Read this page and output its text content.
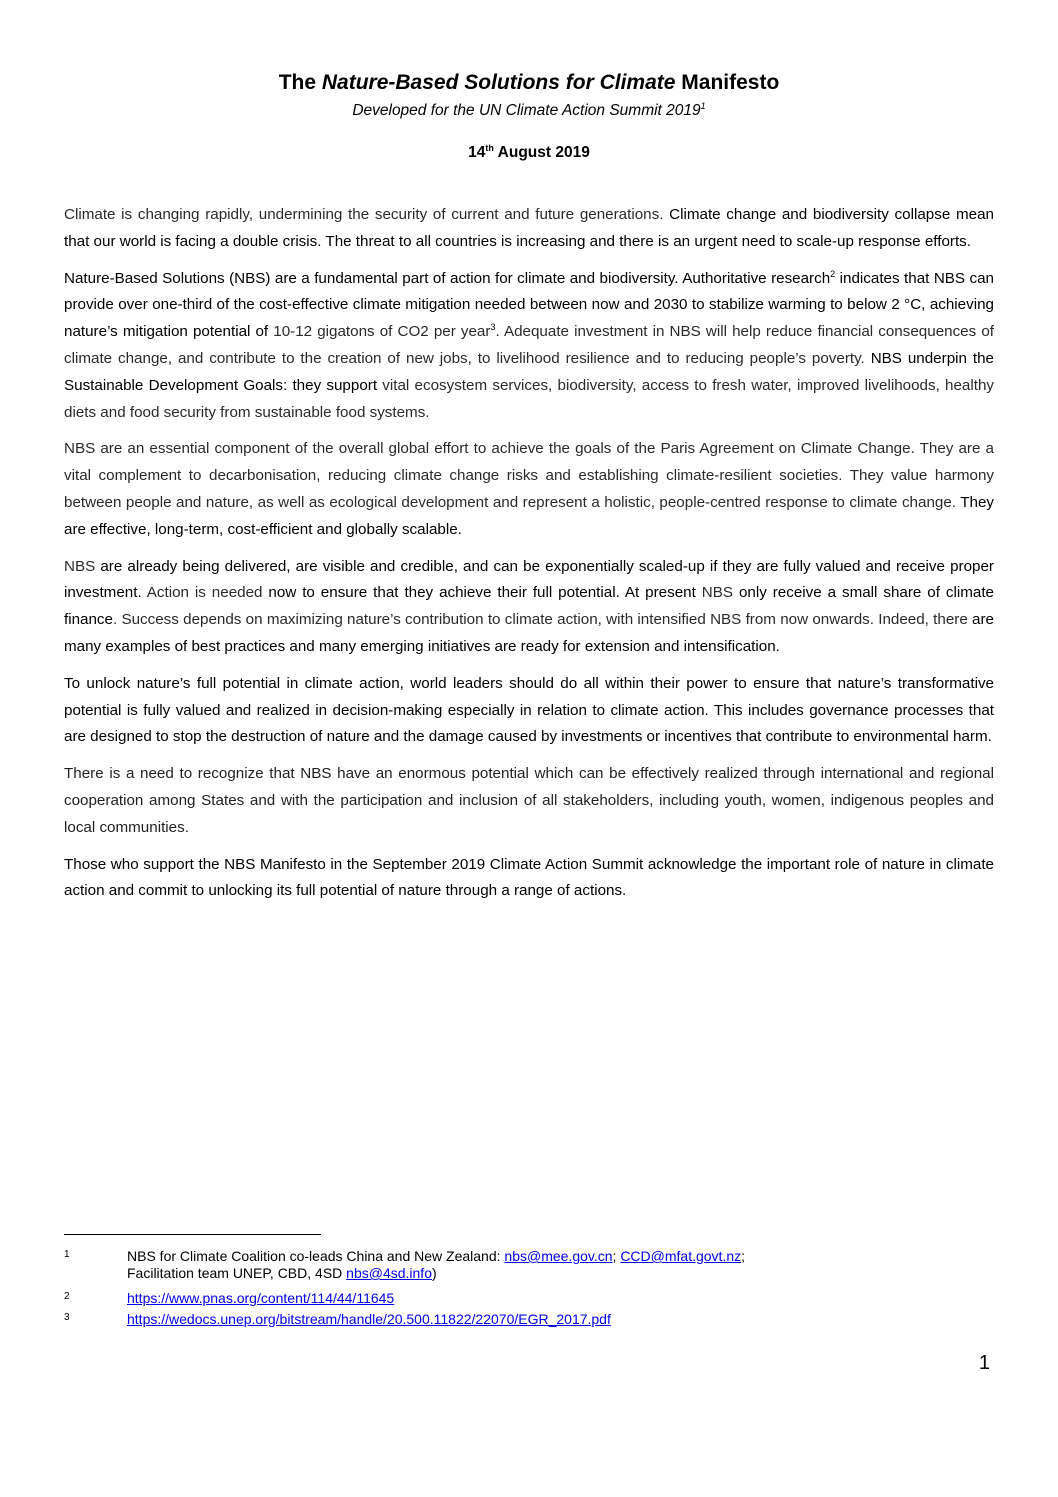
The Nature-Based Solutions for Climate Manifesto

Developed for the UN Climate Action Summit 2019$^1$

14th August 2019

Climate is changing rapidly, undermining the security of current and future generations. Climate change and biodiversity collapse mean that our world is facing a double crisis. The threat to all countries is increasing and there is an urgent need to scale-up response efforts.

Nature-Based Solutions (NBS) are a fundamental part of action for climate and biodiversity. Authoritative research$^2$ indicates that NBS can provide over one-third of the cost-effective climate mitigation needed between now and 2030 to stabilize warming to below 2 °C, achieving nature’s mitigation potential of 10-12 gigatons of CO2 per year$^3$. Adequate investment in NBS will help reduce financial consequences of climate change, and contribute to the creation of new jobs, to livelihood resilience and to reducing people’s poverty. NBS underpin the Sustainable Development Goals: they support vital ecosystem services, biodiversity, access to fresh water, improved livelihoods, healthy diets and food security from sustainable food systems.

NBS are an essential component of the overall global effort to achieve the goals of the Paris Agreement on Climate Change. They are a vital complement to decarbonisation, reducing climate change risks and establishing climate-resilient societies. They value harmony between people and nature, as well as ecological development and represent a holistic, people-centred response to climate change. They are effective, long-term, cost-efficient and globally scalable.

NBS are already being delivered, are visible and credible, and can be exponentially scaled-up if they are fully valued and receive proper investment. Action is needed now to ensure that they achieve their full potential. At present NBS only receive a small share of climate finance. Success depends on maximizing nature’s contribution to climate action, with intensified NBS from now onwards. Indeed, there are many examples of best practices and many emerging initiatives are ready for extension and intensification.

To unlock nature’s full potential in climate action, world leaders should do all within their power to ensure that nature’s transformative potential is fully valued and realized in decision-making especially in relation to climate action. This includes governance processes that are designed to stop the destruction of nature and the damage caused by investments or incentives that contribute to environmental harm.

There is a need to recognize that NBS have an enormous potential which can be effectively realized through international and regional cooperation among States and with the participation and inclusion of all stakeholders, including youth, women, indigenous peoples and local communities.

Those who support the NBS Manifesto in the September 2019 Climate Action Summit acknowledge the important role of nature in climate action and commit to unlocking its full potential of nature through a range of actions.

1	NBS for Climate Coalition co-leads China and New Zealand: nbs@mee.gov.cn; CCD@mfat.govt.nz;
Facilitation team UNEP, CBD, 4SD nbs@4sd.info)
2	https://www.pnas.org/content/114/44/11645
3	https://wedocs.unep.org/bitstream/handle/20.500.11822/22070/EGR_2017.pdf
1
